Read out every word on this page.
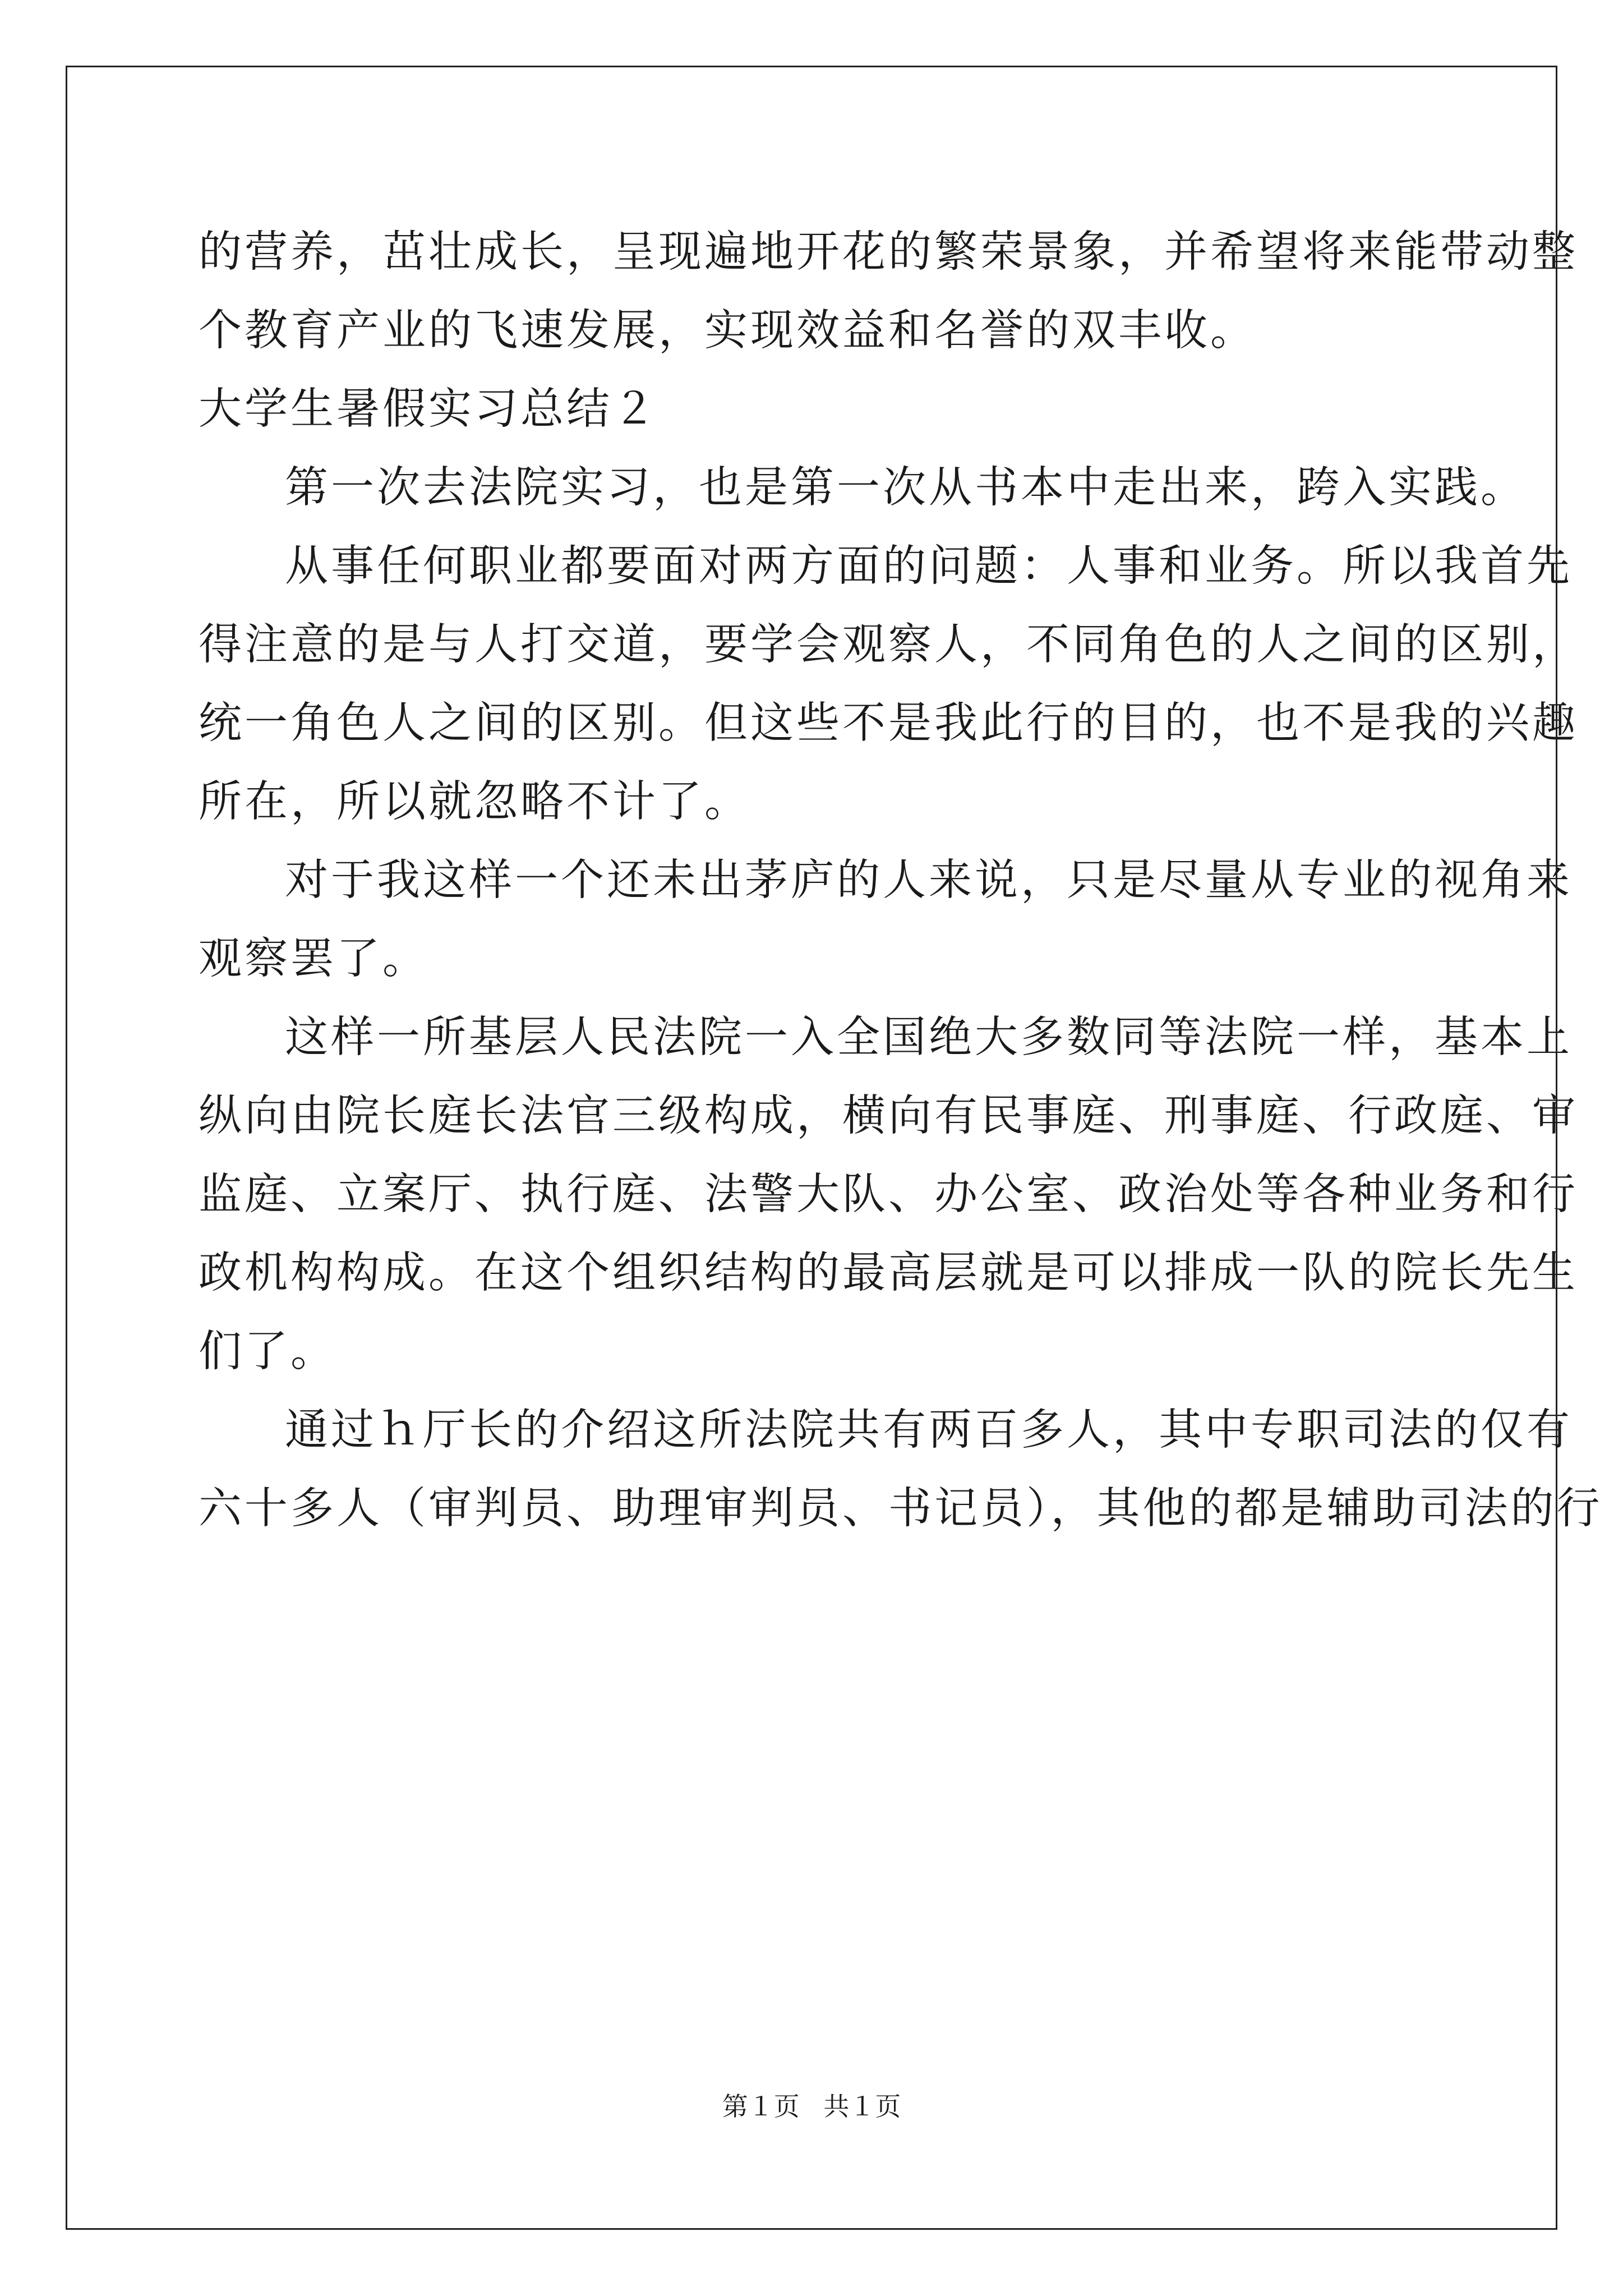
的营养，茁壮成长，呈现遍地开花的繁荣景象，并希望将来能带动整
个教育产业的飞速发展，实现效益和名誉的双丰收。
大学生暑假实习总结２
第一次去法院实习，也是第一次从书本中走出来，跨入实践。
从事任何职业都要面对两方面的问题：人事和业务。所以我首先
得注意的是与人打交道，要学会观察人，不同角色的人之间的区别，
统一角色人之间的区别。但这些不是我此行的目的，也不是我的兴趣
所在，所以就忽略不计了。
对于我这样一个还未出茅庐的人来说，只是尽量从专业的视角来
观察罢了。
这样一所基层人民法院一入全国绝大多数同等法院一样，基本上
纵向由院长庭长法官三级构成，横向有民事庭、刑事庭、行政庭、审
监庭、立案厅、执行庭、法警大队、办公室、政治处等各种业务和行
政机构构成。在这个组织结构的最高层就是可以排成一队的院长先生
们了。
通过ｈ厅长的介绍这所法院共有两百多人，其中专职司法的仅有
六十多人（审判员、助理审判员、书记员），其他的都是辅助司法的行
第１页 共１页
